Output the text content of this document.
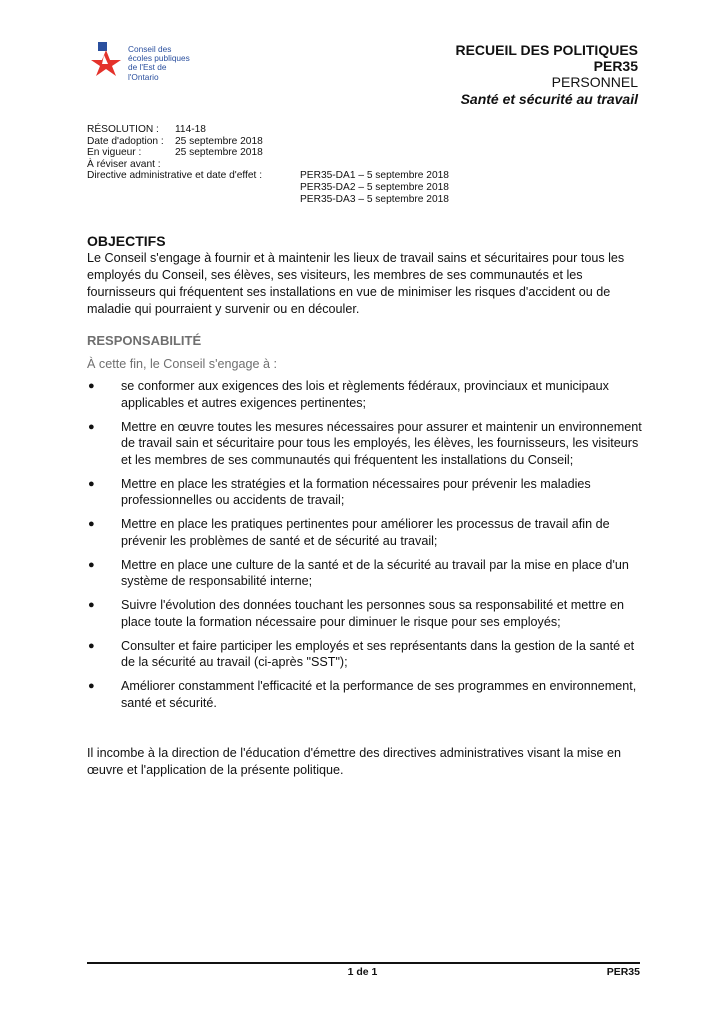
Conseil des
écoles publiques
de l'Est de l'Ontario
RECUEIL DES POLITIQUES
PER35
PERSONNEL
Santé et sécurité au travail
RÉSOLUTION : 114-18
Date d'adoption : 25 septembre 2018
En vigueur :	25 septembre 2018
À réviser avant :
Directive administrative et date d'effet :	PER35-DA1 – 5 septembre 2018
PER35-DA2 – 5 septembre 2018
PER35-DA3 – 5 septembre 2018
OBJECTIFS
Le Conseil s'engage à fournir et à maintenir les lieux de travail sains et sécuritaires pour tous les employés du Conseil, ses élèves, ses visiteurs, les membres de ses communautés et les fournisseurs qui fréquentent ses installations en vue de minimiser les risques d'accident ou de maladie qui pourraient y survenir ou en découler.
RESPONSABILITÉ
À cette fin, le Conseil s'engage à :
● se conformer aux exigences des lois et règlements fédéraux, provinciaux et municipaux applicables et autres exigences pertinentes;
● Mettre en œuvre toutes les mesures nécessaires pour assurer et maintenir un environnement de travail sain et sécuritaire pour tous les employés, les élèves, les fournisseurs, les visiteurs et les membres de ses communautés qui fréquentent les installations du Conseil;
● Mettre en place les stratégies et la formation nécessaires pour prévenir les maladies professionnelles ou accidents de travail;
● Mettre en place les pratiques pertinentes pour améliorer les processus de travail afin de prévenir les problèmes de santé et de sécurité au travail;
● Mettre en place une culture de la santé et de la sécurité au travail par la mise en place d'un système de responsabilité interne;
● Suivre l'évolution des données touchant les personnes sous sa responsabilité et mettre en place toute la formation nécessaire pour diminuer le risque pour ses employés;
● Consulter et faire participer les employés et ses représentants dans la gestion de la santé et de la sécurité au travail (ci-après "SST");
● Améliorer constamment l'efficacité et la performance de ses programmes en environnement, santé et sécurité.
Il incombe à la direction de l'éducation d'émettre des directives administratives visant la mise en œuvre et l'application de la présente politique.
1 de 1	PER35
